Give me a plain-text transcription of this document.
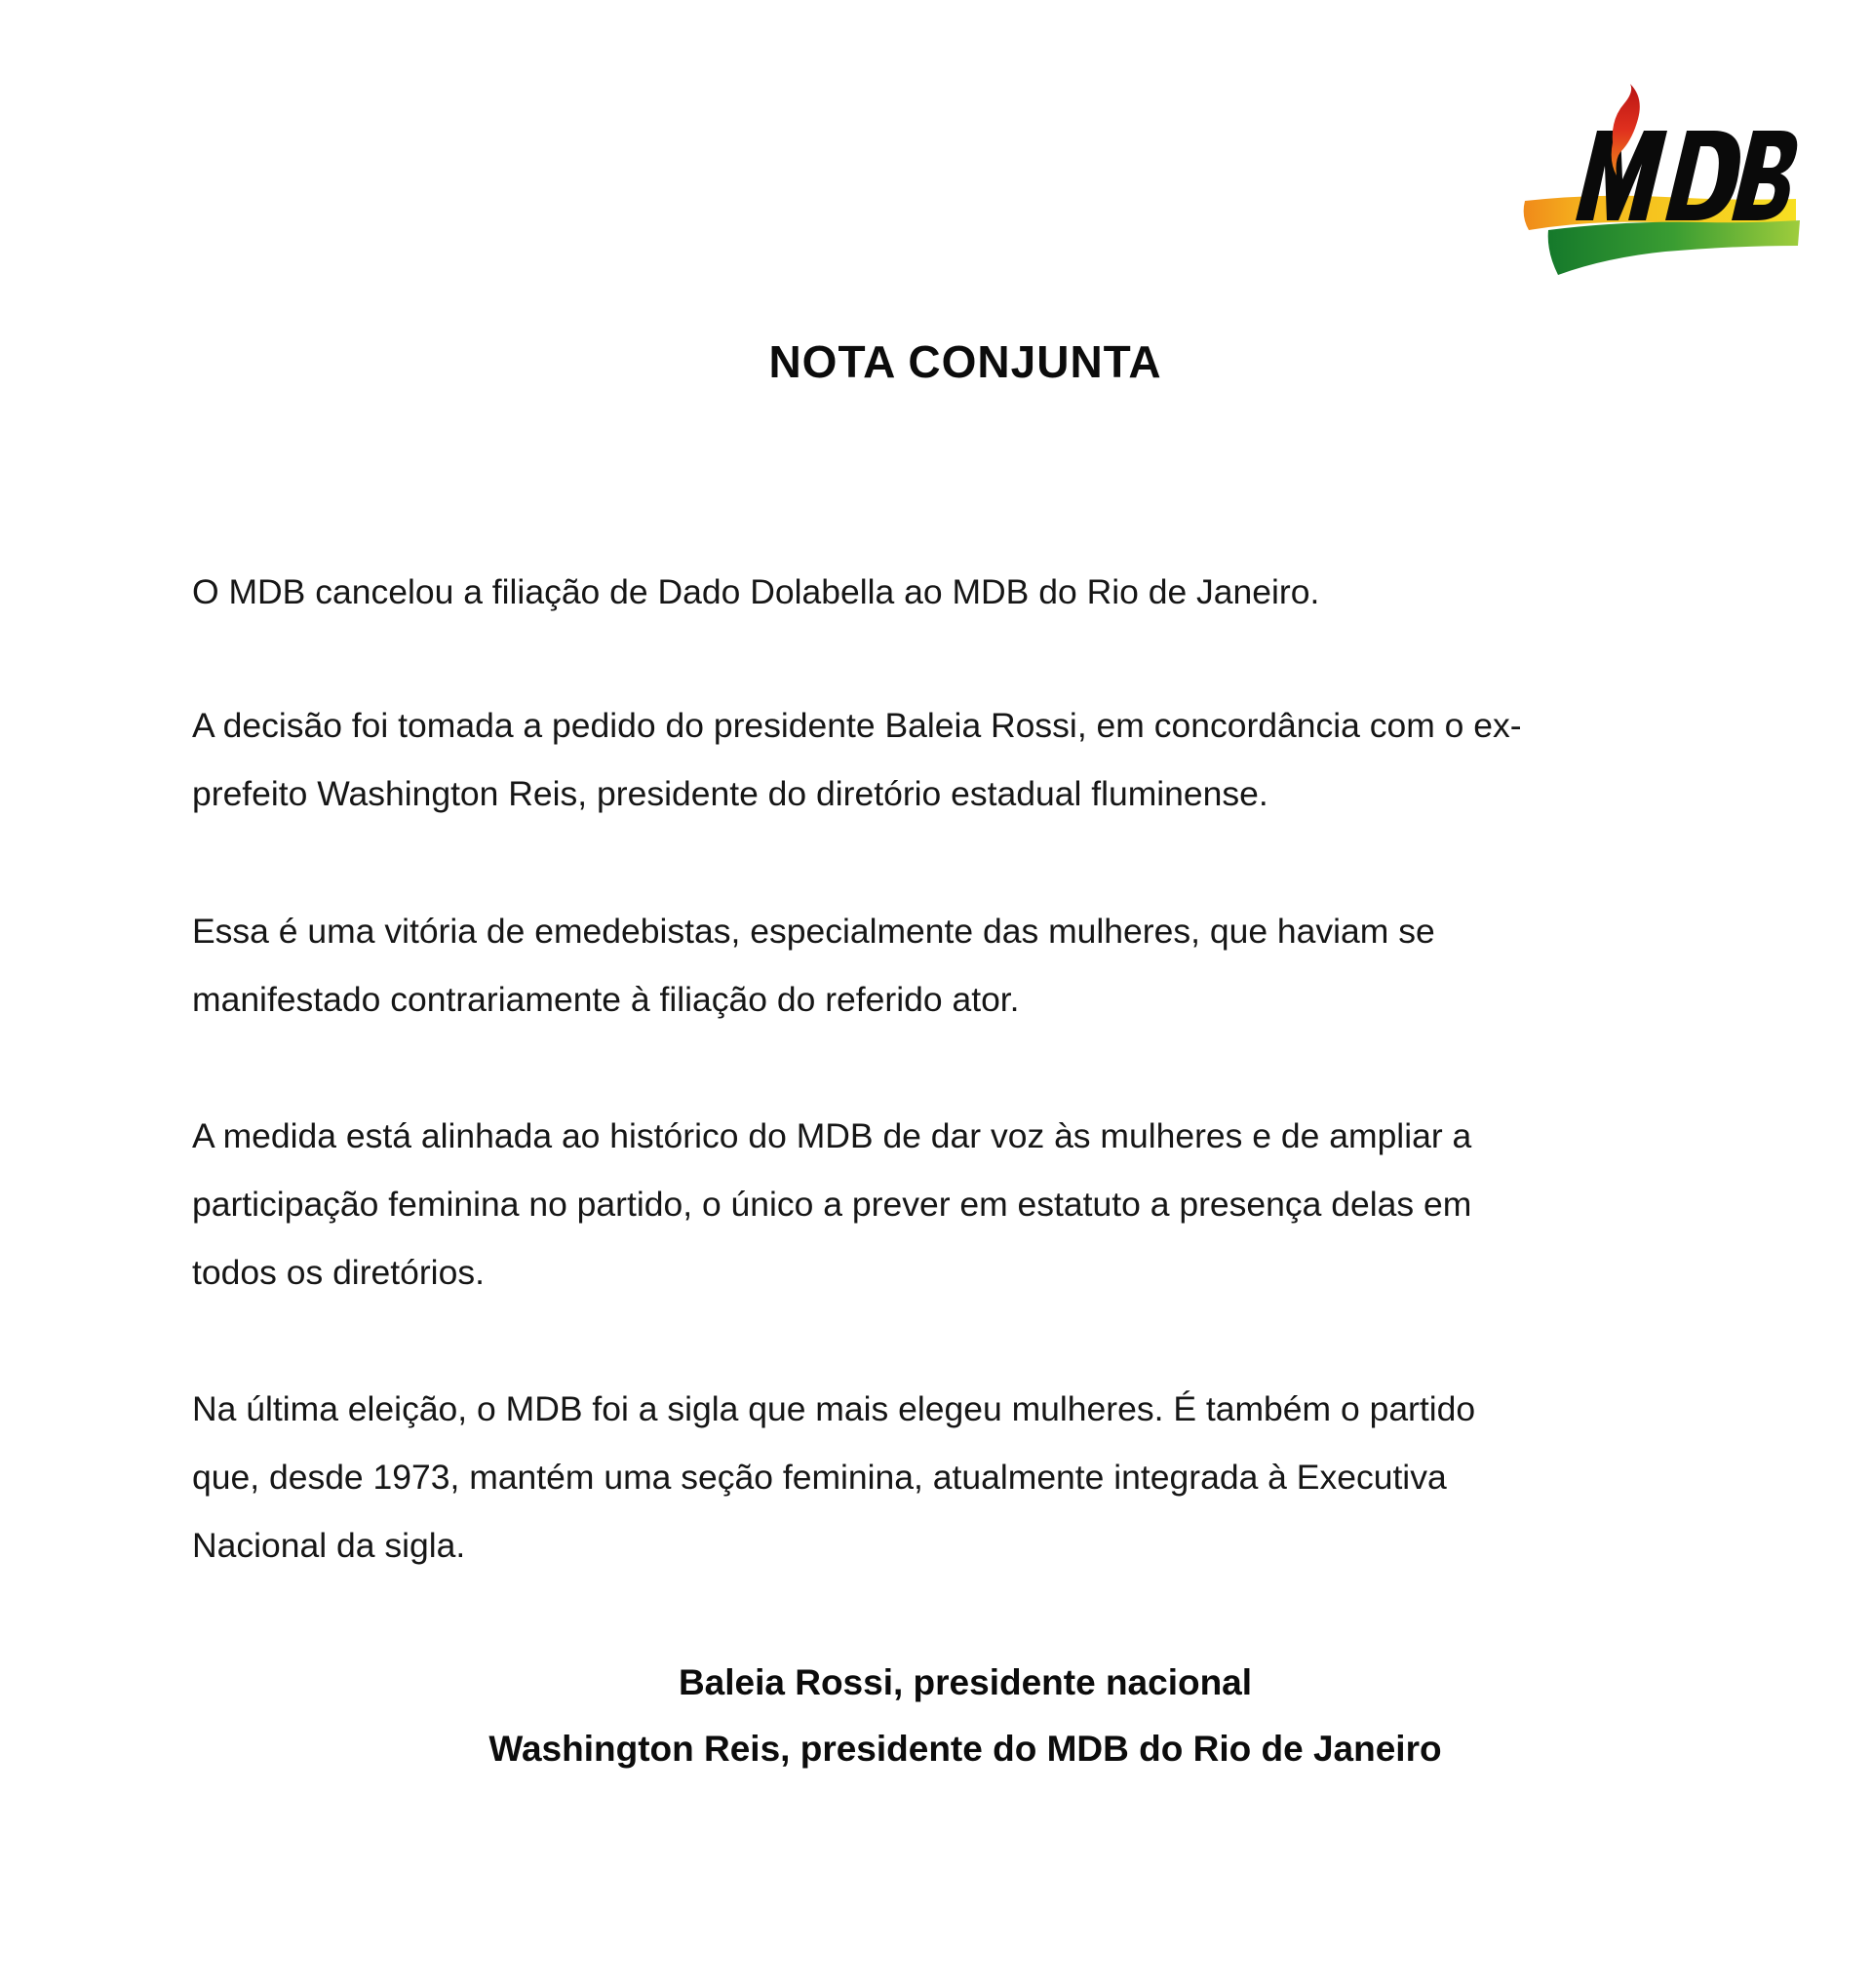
NOTA CONJUNTA
O MDB cancelou a filiação de Dado Dolabella ao MDB do Rio de Janeiro.
A decisão foi tomada a pedido do presidente Baleia Rossi, em concordância com o ex-
prefeito Washington Reis, presidente do diretório estadual fluminense.
Essa é uma vitória de emedebistas, especialmente das mulheres, que haviam se
manifestado contrariamente à filiação do referido ator.
A medida está alinhada ao histórico do MDB de dar voz às mulheres e de ampliar a
participação feminina no partido, o único a prever em estatuto a presença delas em
todos os diretórios.
Na última eleição, o MDB foi a sigla que mais elegeu mulheres. É também o partido
que, desde 1973, mantém uma seção feminina, atualmente integrada à Executiva
Nacional da sigla.
Baleia Rossi, presidente nacional
Washington Reis, presidente do MDB do Rio de Janeiro
